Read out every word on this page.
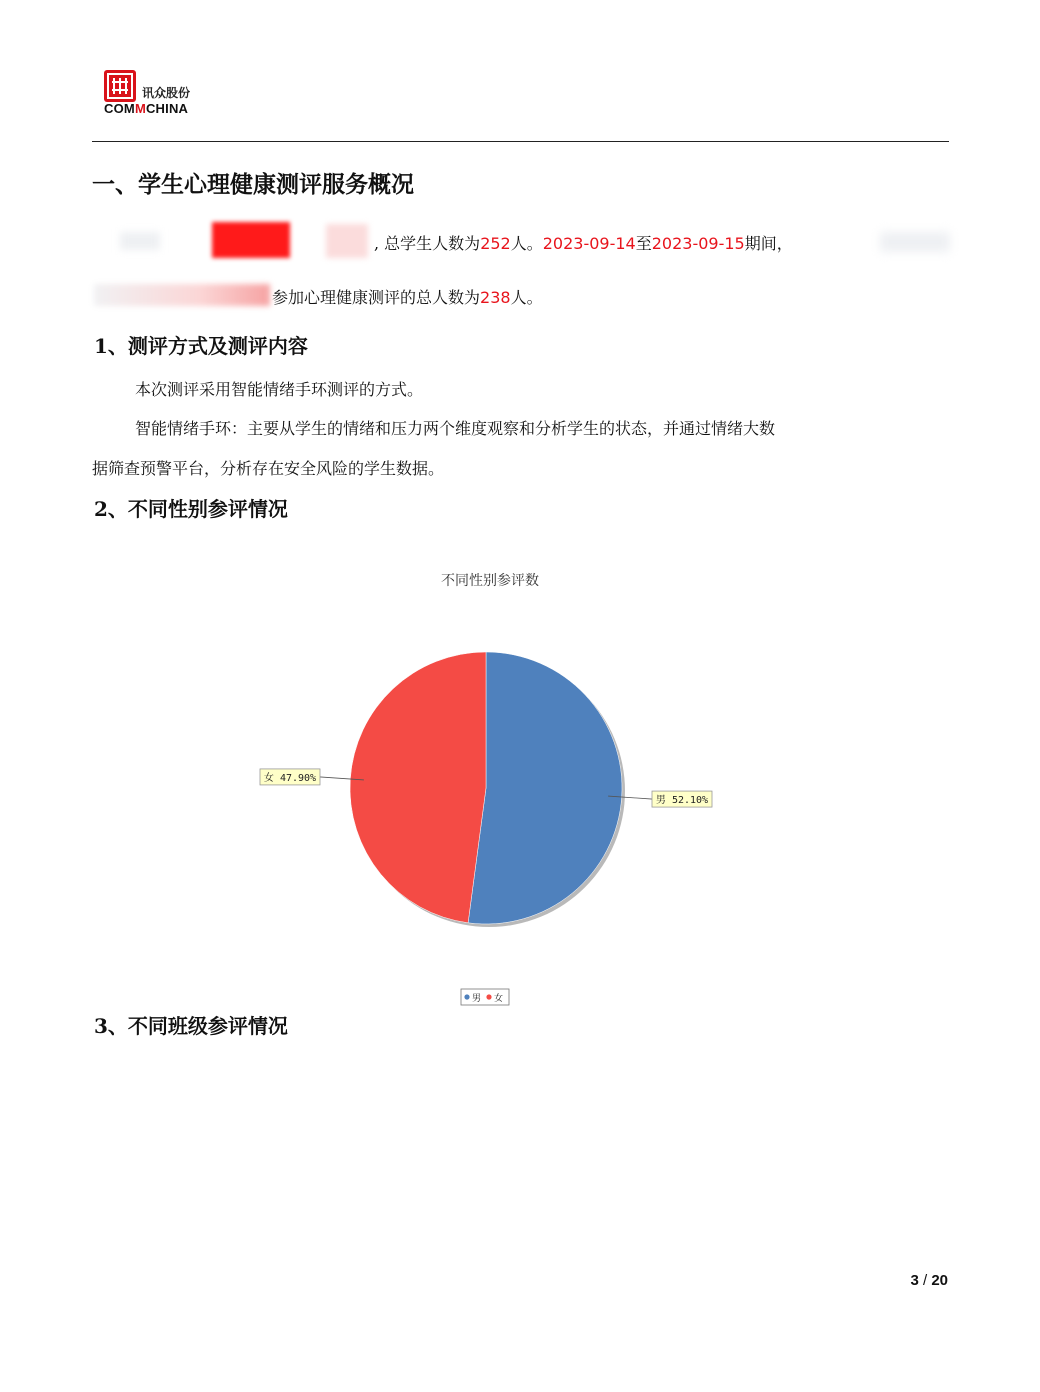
讯众股份
COMMCHINA
一、学生心理健康测评服务概况
, 总学生人数为252人。2023-09-14至2023-09-15期间，
参加心理健康测评的总人数为238人。
1、测评方式及测评内容
本次测评采用智能情绪手环测评的方式。
智能情绪手环：主要从学生的情绪和压力两个维度观察和分析学生的状态，并通过情绪大数
据筛查预警平台，分析存在安全风险的学生数据。
2、不同性别参评情况
不同性别参评数
男 52.10%
女 47.90%
男 女
3、不同班级参评情况
3 / 20
